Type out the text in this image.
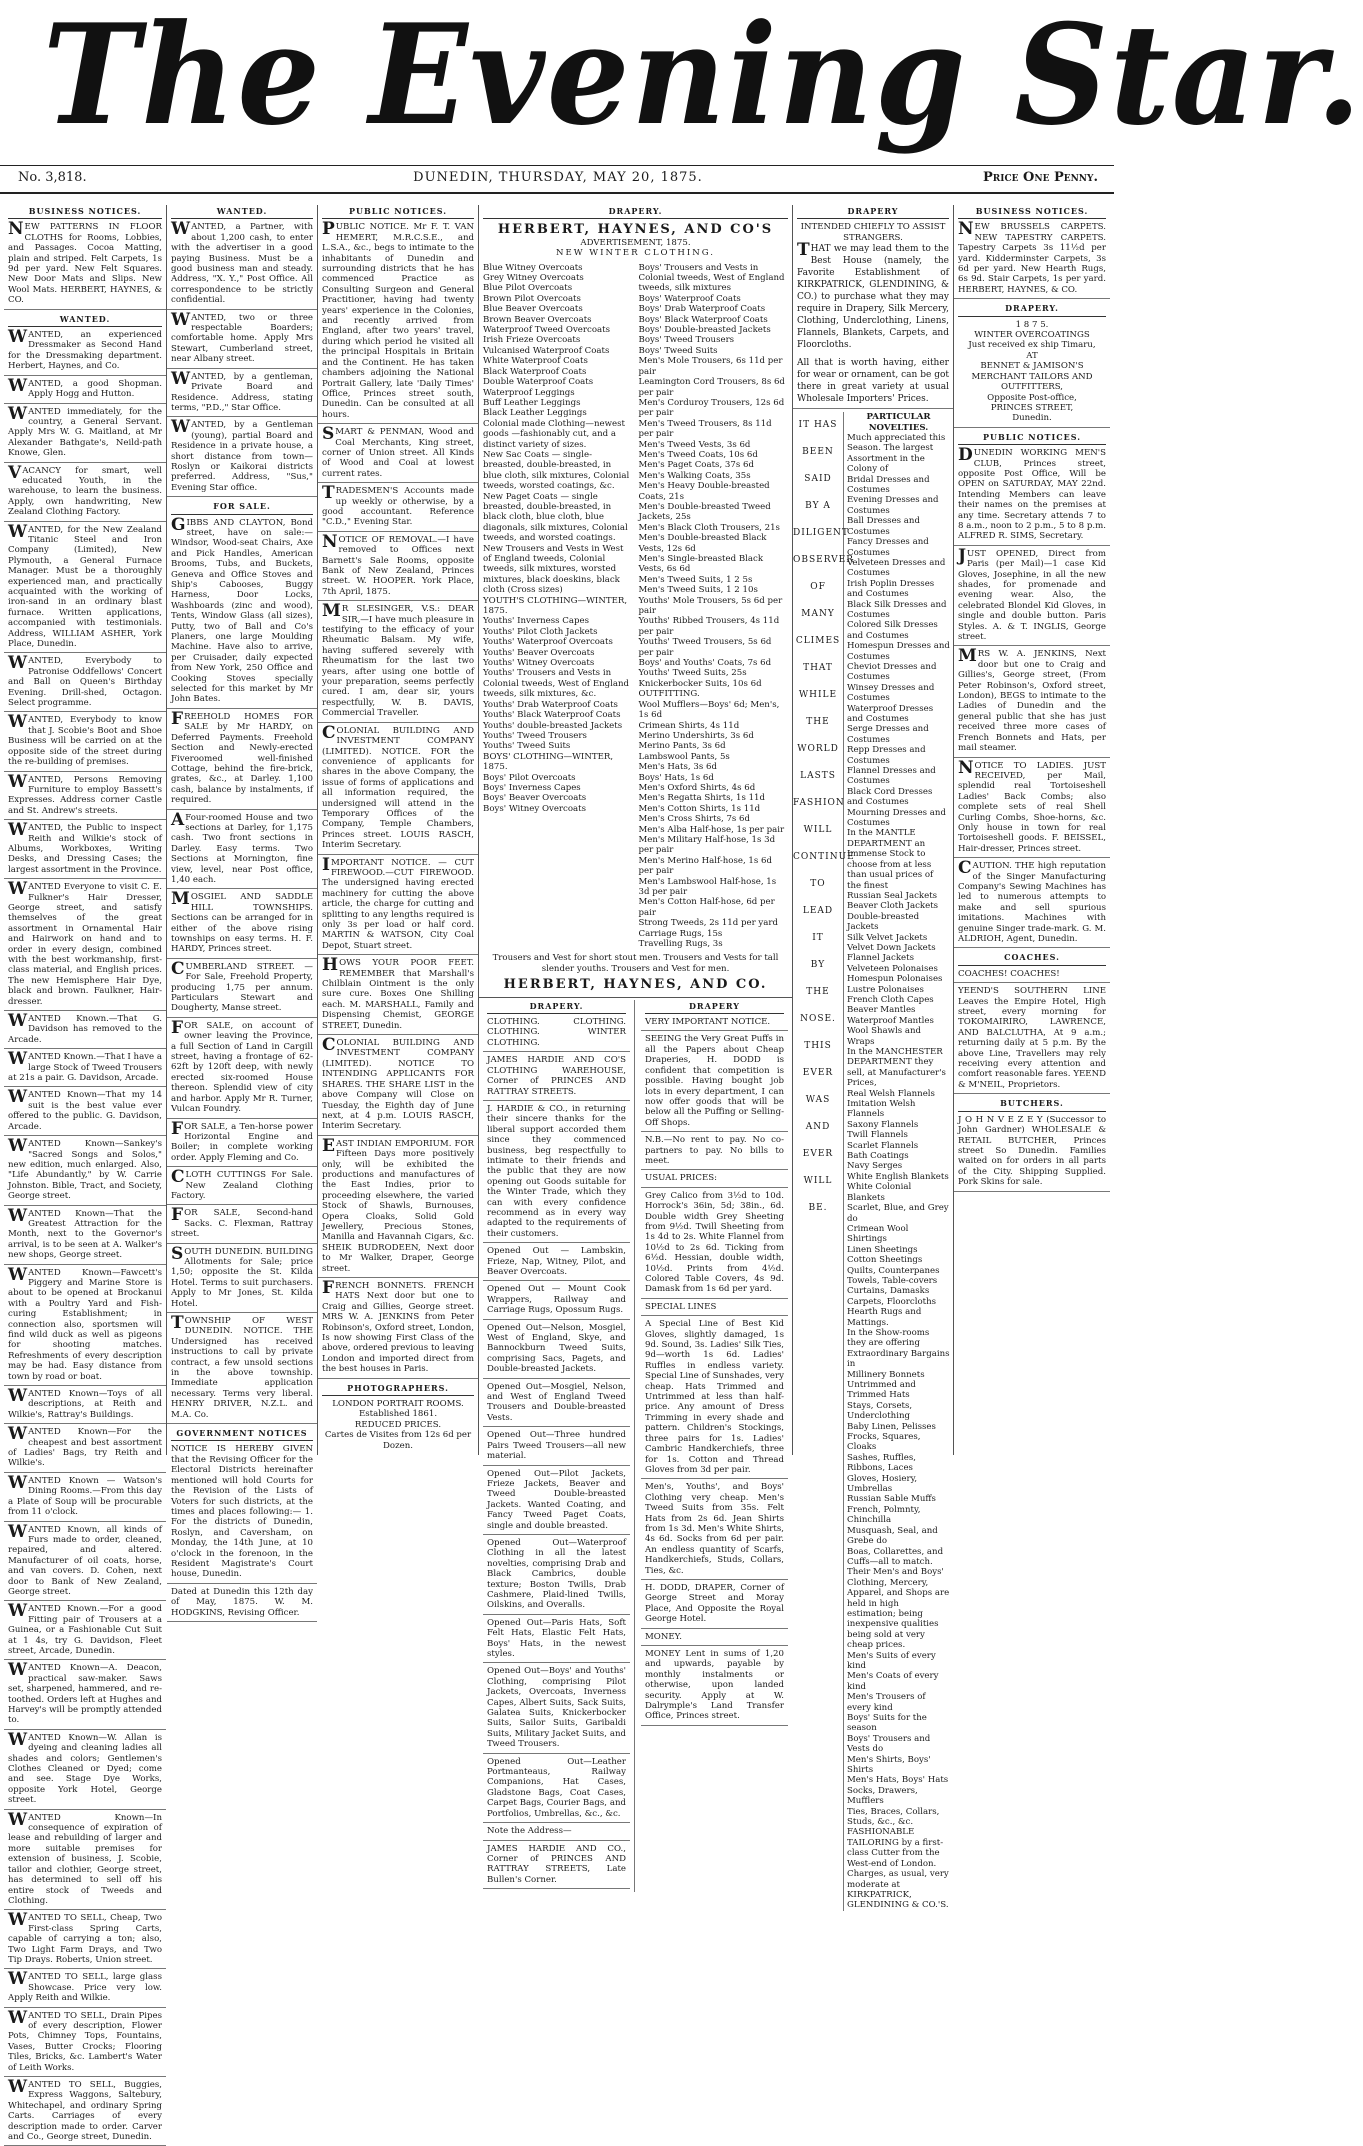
The Evening Star.
No. 3,818.	DUNEDIN, THURSDAY, MAY 20, 1875.	Price One Penny.
BUSINESS NOTICES.
NEW PATTERNS IN FLOOR CLOTHS for Rooms, Lobbies, and Passages. Cocoa Matting, plain and striped. Felt Carpets, 1s 9d per yard. New Felt Squares. New Door Mats and Slips. New Wool Mats. HERBERT, HAYNES, & CO.
WANTED.
WANTED, an experienced Dressmaker as Second Hand for the Dressmaking department. Herbert, Haynes, and Co.
WANTED, a good Shopman. Apply Hogg and Hutton.
WANTED immediately, for the country, a General Servant. Apply Mrs W. G. Maitland, at Mr Alexander Bathgate's, Neild-path Knowe, Glen.
VACANCY for smart, well educated Youth, in the warehouse, to learn the business. Apply, own handwriting, New Zealand Clothing Factory.
WANTED, for the New Zealand Titanic Steel and Iron Company (Limited), New Plymouth, a General Furnace Manager. Must be a thoroughly experienced man, and practically acquainted with the working of iron-sand in an ordinary blast furnace. Written applications, accompanied with testimonials. Address, WILLIAM ASHER, York Place, Dunedin.
WANTED, Everybody to Patronise Oddfellows' Concert and Ball on Queen's Birthday Evening. Drill-shed, Octagon. Select programme.
WANTED, Everybody to know that J. Scobie's Boot and Shoe Business will be carried on at the opposite side of the street during the re-building of premises.
WANTED, Persons Removing Furniture to employ Bassett's Expresses. Address corner Castle and St. Andrew's streets.
WANTED, the Public to inspect Reith and Wilkie's stock of Albums, Workboxes, Writing Desks, and Dressing Cases; the largest assortment in the Province.
WANTED Everyone to visit C. E. Fulkner's Hair Dresser, George street, and satisfy themselves of the great assortment in Ornamental Hair and Hairwork on hand and to order in every design, combined with the best workmanship, first-class material, and English prices. The new Hemisphere Hair Dye, black and brown. Faulkner, Hair-dresser.
WANTED Known.—That G. Davidson has removed to the Arcade.
WANTED Known.—That I have a large Stock of Tweed Trousers at 21s a pair. G. Davidson, Arcade.
WANTED Known—That my 14 suit is the best value ever offered to the public. G. Davidson, Arcade.
WANTED Known—Sankey's "Sacred Songs and Solos," new edition, much enlarged. Also, "Life Abundantly," by W. Carrie Johnston. Bible, Tract, and Society, George street.
WANTED Known—That the Greatest Attraction for the Month, next to the Governor's arrival, is to be seen at A. Walker's new shops, George street.
WANTED Known—Fawcett's Piggery and Marine Store is about to be opened at Brockanui with a Poultry Yard and Fish-curing Establishment; in connection also, sportsmen will find wild duck as well as pigeons for shooting matches. Refreshments of every description may be had. Easy distance from town by road or boat.
WANTED Known—Toys of all descriptions, at Reith and Wilkie's, Rattray's Buildings.
WANTED Known—For the cheapest and best assortment of Ladies' Bags, try Reith and Wilkie's.
WANTED Known — Watson's Dining Rooms.—From this day a Plate of Soup will be procurable from 11 o'clock.
WANTED Known, all kinds of Furs made to order, cleaned, repaired, and altered. Manufacturer of oil coats, horse, and van covers. D. Cohen, next door to Bank of New Zealand, George street.
WANTED Known.—For a good Fitting pair of Trousers at a Guinea, or a Fashionable Cut Suit at 1 4s, try G. Davidson, Fleet street, Arcade, Dunedin.
WANTED Known—A. Deacon, practical saw-maker. Saws set, sharpened, hammered, and re-toothed. Orders left at Hughes and Harvey's will be promptly attended to.
WANTED Known—W. Allan is dyeing and cleaning ladies all shades and colors; Gentlemen's Clothes Cleaned or Dyed; come and see. Stage Dye Works, opposite York Hotel, George street.
WANTED Known—In consequence of expiration of lease and rebuilding of larger and more suitable premises for extension of business, J. Scobie, tailor and clothier, George street, has determined to sell off his entire stock of Tweeds and Clothing.
WANTED TO SELL, Cheap, Two First-class Spring Carts, capable of carrying a ton; also, Two Light Farm Drays, and Two Tip Drays. Roberts, Union street.
WANTED TO SELL, large glass Showcase. Price very low. Apply Reith and Wilkie.
WANTED TO SELL, Drain Pipes of every description, Flower Pots, Chimney Tops, Fountains, Vases, Butter Crocks; Flooring Tiles, Bricks, &c. Lambert's Water of Leith Works.
WANTED TO SELL, Buggies, Express Waggons, Saltebury, Whitechapel, and ordinary Spring Carts. Carriages of every description made to order. Carver and Co., George street, Dunedin.
WANTED.
WANTED, a Partner, with about 1,200 cash, to enter with the advertiser in a good paying Business. Must be a good business man and steady. Address, "X. Y.," Post Office. All correspondence to be strictly confidential.
WANTED, two or three respectable Boarders; comfortable home. Apply Mrs Stewart, Cumberland street, near Albany street.
WANTED, by a gentleman, Private Board and Residence. Address, stating terms, "P.D.," Star Office.
WANTED, by a Gentleman (young), partial Board and Residence in a private house, a short distance from town—Roslyn or Kaikorai districts preferred. Address, "Sus," Evening Star office.
FOR SALE.
GIBBS AND CLAYTON, Bond street, have on sale:—Windsor, Wood-seat Chairs, Axe and Pick Handles, American Brooms, Tubs, and Buckets, Geneva and Office Stoves and Ship's Cabooses, Buggy Harness, Door Locks, Washboards (zinc and wood), Tents, Window Glass (all sizes), Putty, two of Ball and Co's Planers, one large Moulding Machine. Have also to arrive, per Cruisader, daily expected from New York, 250 Office and Cooking Stoves specially selected for this market by Mr John Bates.
FREEHOLD HOMES FOR SALE by Mr HARDY, on Deferred Payments. Freehold Section and Newly-erected Fiveroomed well-finished Cottage, behind the fire-brick, grates, &c., at Darley. 1,100 cash, balance by instalments, if required.
AFour-roomed House and two sections at Darley, for 1,175 cash. Two front sections in Darley. Easy terms. Two Sections at Mornington, fine view, level, near Post office, 1,40 each.
MOSGIEL AND SADDLE HILL TOWNSHIPS. Sections can be arranged for in either of the above rising townships on easy terms. H. F. HARDY, Princes street.
CUMBERLAND STREET. — For Sale, Freehold Property, producing 1,75 per annum. Particulars Stewart and Dougherty, Manse street.
FOR SALE, on account of owner leaving the Province, a full Section of Land in Cargill street, having a frontage of 62-62ft by 120ft deep, with newly erected six-roomed House thereon. Splendid view of city and harbor. Apply Mr R. Turner, Vulcan Foundry.
FOR SALE, a Ten-horse power Horizontal Engine and Boiler; in complete working order. Apply Fleming and Co.
CLOTH CUTTINGS For Sale. New Zealand Clothing Factory.
FOR SALE, Second-hand Sacks. C. Flexman, Rattray street.
SOUTH DUNEDIN. BUILDING Allotments for Sale; price 1,50; opposite the St. Kilda Hotel. Terms to suit purchasers. Apply to Mr Jones, St. Kilda Hotel.
TOWNSHIP OF WEST DUNEDIN. NOTICE. THE Undersigned has received instructions to call by private contract, a few unsold sections in the above township. Immediate application necessary. Terms very liberal. HENRY DRIVER, N.Z.L. and M.A. Co.
GOVERNMENT NOTICES
NOTICE IS HEREBY GIVEN that the Revising Officer for the Electoral Districts hereinafter mentioned will hold Courts for the Revision of the Lists of Voters for such districts, at the times and places following:— 1. For the districts of Dunedin, Roslyn, and Caversham, on Monday, the 14th June, at 10 o'clock in the forenoon, in the Resident Magistrate's Court house, Dunedin.
Dated at Dunedin this 12th day of May, 1875. W. M. HODGKINS, Revising Officer.
PUBLIC NOTICES.
PUBLIC NOTICE. Mr F. T. VAN HEMERT, M.R.C.S.E., and L.S.A., &c., begs to intimate to the inhabitants of Dunedin and surrounding districts that he has commenced Practice as Consulting Surgeon and General Practitioner, having had twenty years' experience in the Colonies, and recently arrived from England, after two years' travel, during which period he visited all the principal Hospitals in Britain and the Continent. He has taken chambers adjoining the National Portrait Gallery, late 'Daily Times' Office, Princes street south, Dunedin. Can be consulted at all hours.
SMART & PENMAN, Wood and Coal Merchants, King street, corner of Union street. All Kinds of Wood and Coal at lowest current rates.
TRADESMEN'S Accounts made up weekly or otherwise, by a good accountant. Reference "C.D.," Evening Star.
NOTICE OF REMOVAL.—I have removed to Offices next Barnett's Sale Rooms, opposite Bank of New Zealand, Princes street. W. HOOPER. York Place, 7th April, 1875.
MR SLESINGER, V.S.: DEAR SIR,—I have much pleasure in testifying to the efficacy of your Rheumatic Balsam. My wife, having suffered severely with Rheumatism for the last two years, after using one bottle of your preparation, seems perfectly cured. I am, dear sir, yours respectfully, W. B. DAVIS, Commercial Traveller.
COLONIAL BUILDING AND INVESTMENT COMPANY (LIMITED). NOTICE. FOR the convenience of applicants for shares in the above Company, the issue of forms of applications and all information required, the undersigned will attend in the Temporary Offices of the Company, Temple Chambers, Princes street. LOUIS RASCH, Interim Secretary.
IMPORTANT NOTICE. — CUT FIREWOOD.—CUT FIREWOOD. The undersigned having erected machinery for cutting the above article, the charge for cutting and splitting to any lengths required is only 3s per load or half cord. MARTIN & WATSON, City Coal Depot, Stuart street.
HOWS YOUR POOR FEET. REMEMBER that Marshall's Chilblain Ointment is the only sure cure. Boxes One Shilling each. M. MARSHALL, Family and Dispensing Chemist, GEORGE STREET, Dunedin.
COLONIAL BUILDING AND INVESTMENT COMPANY (LIMITED). NOTICE TO INTENDING APPLICANTS FOR SHARES. THE SHARE LIST in the above Company will Close on Tuesday, the Eighth day of June next, at 4 p.m. LOUIS RASCH, Interim Secretary.
EAST INDIAN EMPORIUM. FOR Fifteen Days more positively only, will be exhibited the productions and manufactures of the East Indies, prior to proceeding elsewhere, the varied Stock of Shawls, Burnouses, Opera Cloaks, Solid Gold Jewellery, Precious Stones, Manilla and Havannah Cigars, &c. SHEIK BUDRODEEN, Next door to Mr Walker, Draper, George street.
FRENCH BONNETS. FRENCH HATS Next door but one to Craig and Gillies, George street. MRS W. A. JENKINS from Peter Robinson's, Oxford street, London, Is now showing First Class of the above, ordered previous to leaving London and imported direct from the best houses in Paris.
PHOTOGRAPHERS.
LONDON PORTRAIT ROOMS.
Established 1861.
REDUCED PRICES.
Cartes de Visites from 12s 6d per Dozen.
DRAPERY.
HERBERT, HAYNES, AND CO'S
ADVERTISEMENT, 1875.
NEW WINTER CLOTHING.
Blue Witney Overcoats
Grey Witney Overcoats
Blue Pilot Overcoats
Brown Pilot Overcoats
Blue Beaver Overcoats
Brown Beaver Overcoats
Waterproof Tweed Overcoats
Irish Frieze Overcoats
Vulcanised Waterproof Coats
White Waterproof Coats
Black Waterproof Coats
Double Waterproof Coats
Waterproof Leggings
Buff Leather Leggings
Black Leather Leggings
Colonial made Clothing—newest goods —fashionably cut, and a distinct variety of sizes.
New Sac Coats — single-breasted, double-breasted, in blue cloth, silk mixtures, Colonial tweeds, worsted coatings, &c.
New Paget Coats — single breasted, double-breasted, in black cloth, blue cloth, blue diagonals, silk mixtures, Colonial tweeds, and worsted coatings.
New Trousers and Vests in West of England tweeds, Colonial tweeds, silk mixtures, worsted mixtures, black doeskins, black cloth (Cross sizes)
YOUTH'S CLOTHING—WINTER, 1875.
Youths' Inverness Capes
Youths' Pilot Cloth Jackets
Youths' Waterproof Overcoats
Youths' Beaver Overcoats
Youths' Witney Overcoats
Youths' Trousers and Vests in Colonial tweeds, West of England tweeds, silk mixtures, &c.
Youths' Drab Waterproof Coats
Youths' Black Waterproof Coats
Youths' double-breasted Jackets
Youths' Tweed Trousers
Youths' Tweed Suits
BOYS' CLOTHING—WINTER, 1875.
Boys' Pilot Overcoats
Boys' Inverness Capes
Boys' Beaver Overcoats
Boys' Witney Overcoats
Boys' Trousers and Vests in Colonial tweeds, West of England tweeds, silk mixtures
Boys' Waterproof Coats
Boys' Drab Waterproof Coats
Boys' Black Waterproof Coats
Boys' Double-breasted Jackets
Boys' Tweed Trousers
Boys' Tweed Suits
Men's Mole Trousers, 6s 11d per pair
Leamington Cord Trousers, 8s 6d per pair
Men's Corduroy Trousers, 12s 6d per pair
Men's Tweed Trousers, 8s 11d per pair
Men's Tweed Vests, 3s 6d
Men's Tweed Coats, 10s 6d
Men's Paget Coats, 37s 6d
Men's Walking Coats, 35s
Men's Heavy Double-breasted Coats, 21s
Men's Double-breasted Tweed Jackets, 25s
Men's Black Cloth Trousers, 21s
Men's Double-breasted Black Vests, 12s 6d
Men's Single-breasted Black Vests, 6s 6d
Men's Tweed Suits, 1 2 5s
Men's Tweed Suits, 1 2 10s
Youths' Mole Trousers, 5s 6d per pair
Youths' Ribbed Trousers, 4s 11d per pair
Youths' Tweed Trousers, 5s 6d per pair
Boys' and Youths' Coats, 7s 6d
Youths' Tweed Suits, 25s
Knickerbocker Suits, 10s 6d
OUTFITTING.
Wool Mufflers—Boys' 6d; Men's, 1s 6d
Crimean Shirts, 4s 11d
Merino Undershirts, 3s 6d
Merino Pants, 3s 6d
Lambswool Pants, 5s
Men's Hats, 3s 6d
Boys' Hats, 1s 6d
Men's Oxford Shirts, 4s 6d
Men's Regatta Shirts, 1s 11d
Men's Cotton Shirts, 1s 11d
Men's Cross Shirts, 7s 6d
Men's Alba Half-hose, 1s per pair
Men's Military Half-hose, 1s 3d per pair
Men's Merino Half-hose, 1s 6d per pair
Men's Lambswool Half-hose, 1s 3d per pair
Men's Cotton Half-hose, 6d per pair
Strong Tweeds, 2s 11d per yard
Carriage Rugs, 15s
Travelling Rugs, 3s
Trousers and Vest for short stout men. Trousers and Vests for tall slender youths. Trousers and Vest for men.
HERBERT, HAYNES, AND CO.
DRAPERY.
CLOTHING. CLOTHING. CLOTHING. WINTER CLOTHING.
JAMES HARDIE AND CO'S CLOTHING WAREHOUSE, Corner of PRINCES AND RATTRAY STREETS.
J. HARDIE & CO., in returning their sincere thanks for the liberal support accorded them since they commenced business, beg respectfully to intimate to their friends and the public that they are now opening out Goods suitable for the Winter Trade, which they can with every confidence recommend as in every way adapted to the requirements of their customers.
Opened Out — Lambskin, Frieze, Nap, Witney, Pilot, and Beaver Overcoats.
Opened Out — Mount Cook Wrappers, Railway and Carriage Rugs, Opossum Rugs.
Opened Out—Nelson, Mosgiel, West of England, Skye, and Bannockburn Tweed Suits, comprising Sacs, Pagets, and Double-breasted Jackets.
Opened Out—Mosgiel, Nelson, and West of England Tweed Trousers and Double-breasted Vests.
Opened Out—Three hundred Pairs Tweed Trousers—all new material.
Opened Out—Pilot Jackets, Frieze Jackets, Beaver and Tweed Double-breasted Jackets. Wanted Coating, and Fancy Tweed Paget Coats, single and double breasted.
Opened Out—Waterproof Clothing in all the latest novelties, comprising Drab and Black Cambrics, double texture; Boston Twills, Drab Cashmere, Plaid-lined Twills, Oilskins, and Overalls.
Opened Out—Paris Hats, Soft Felt Hats, Elastic Felt Hats, Boys' Hats, in the newest styles.
Opened Out—Boys' and Youths' Clothing, comprising Pilot Jackets, Overcoats, Inverness Capes, Albert Suits, Sack Suits, Galatea Suits, Knickerbocker Suits, Sailor Suits, Garibaldi Suits, Military Jacket Suits, and Tweed Trousers.
Opened Out—Leather Portmanteaus, Railway Companions, Hat Cases, Gladstone Bags, Coat Cases, Carpet Bags, Courier Bags, and Portfolios, Umbrellas, &c., &c.
Note the Address—
JAMES HARDIE AND CO., Corner of PRINCES AND RATTRAY STREETS, Late Bullen's Corner.
DRAPERY
VERY IMPORTANT NOTICE.
SEEING the Very Great Puffs in all the Papers about Cheap Draperies, H. DODD is confident that competition is possible. Having bought job lots in every department, I can now offer goods that will be below all the Puffing or Selling-Off Shops.
N.B.—No rent to pay. No co-partners to pay. No bills to meet.
USUAL PRICES:
Grey Calico from 3½d to 10d. Horrock's 36in, 5d; 38in., 6d. Double width Grey Sheeting from 9½d. Twill Sheeting from 1s 4d to 2s. White Flannel from 10½d to 2s 6d. Ticking from 6½d. Hessian, double width, 10½d. Prints from 4½d. Colored Table Covers, 4s 9d. Damask from 1s 6d per yard.
SPECIAL LINES
A Special Line of Best Kid Gloves, slightly damaged, 1s 9d. Sound, 3s. Ladies' Silk Ties, 9d—worth 1s 6d. Ladies' Ruffles in endless variety. Special Line of Sunshades, very cheap. Hats Trimmed and Untrimmed at less than half-price. Any amount of Dress Trimming in every shade and pattern. Children's Stockings, three pairs for 1s. Ladies' Cambric Handkerchiefs, three for 1s. Cotton and Thread Gloves from 3d per pair.
Men's, Youths', and Boys' Clothing very cheap. Men's Tweed Suits from 35s. Felt Hats from 2s 6d. Jean Shirts from 1s 3d. Men's White Shirts, 4s 6d. Socks from 6d per pair. An endless quantity of Scarfs, Handkerchiefs, Studs, Collars, Ties, &c.
H. DODD, DRAPER, Corner of George Street and Moray Place, And Opposite the Royal George Hotel.
MONEY.
MONEY Lent in sums of 1,20 and upwards, payable by monthly instalments or otherwise, upon landed security. Apply at W. Dalrymple's Land Transfer Office, Princes street.
DRAPERY
INTENDED CHIEFLY TO ASSIST STRANGERS.
THAT we may lead them to the Best House (namely, the Favorite Establishment of KIRKPATRICK, GLENDINING, & CO.) to purchase what they may require in Drapery, Silk Mercery, Clothing, Underclothing, Linens, Flannels, Blankets, Carpets, and Floorcloths.
All that is worth having, either for wear or ornament, can be got there in great variety at usual Wholesale Importers' Prices.
IT HAS
BEEN
SAID
BY A
DILIGENT
OBSERVER
OF
MANY
CLIMES
THAT
WHILE
THE
WORLD
LASTS
FASHION
WILL
CONTINUE
TO
LEAD
IT
BY
THE
NOSE.
THIS
EVER
WAS
AND
EVER
WILL
BE.
PARTICULAR NOVELTIES.
Much appreciated this Season. The largest Assortment in the Colony of
Bridal Dresses and Costumes
Evening Dresses and Costumes
Ball Dresses and Costumes
Fancy Dresses and Costumes
Velveteen Dresses and Costumes
Irish Poplin Dresses and Costumes
Black Silk Dresses and Costumes
Colored Silk Dresses and Costumes
Homespun Dresses and Costumes
Cheviot Dresses and Costumes
Winsey Dresses and Costumes
Waterproof Dresses and Costumes
Serge Dresses and Costumes
Repp Dresses and Costumes
Flannel Dresses and Costumes
Black Cord Dresses and Costumes
Mourning Dresses and Costumes
In the MANTLE DEPARTMENT an Immense Stock to choose from at less than usual prices of the finest
Russian Seal Jackets
Beaver Cloth Jackets
Double-breasted Jackets
Silk Velvet Jackets
Velvet Down Jackets
Flannel Jackets
Velveteen Polonaises
Homespun Polonaises
Lustre Polonaises
French Cloth Capes
Beaver Mantles
Waterproof Mantles
Wool Shawls and Wraps
In the MANCHESTER DEPARTMENT they sell, at Manufacturer's Prices,
Real Welsh Flannels
Imitation Welsh Flannels
Saxony Flannels
Twill Flannels
Scarlet Flannels
Bath Coatings
Navy Serges
White English Blankets
White Colonial Blankets
Scarlet, Blue, and Grey do
Crimean Wool Shirtings
Linen Sheetings
Cotton Sheetings
Quilts, Counterpanes
Towels, Table-covers
Curtains, Damasks
Carpets, Floorcloths
Hearth Rugs and Mattings.
In the Show-rooms they are offering Extraordinary Bargains in
Millinery Bonnets
Untrimmed and Trimmed Hats
Stays, Corsets, Underclothing
Baby Linen, Pelisses
Frocks, Squares, Cloaks
Sashes, Ruffles, Ribbons, Laces
Gloves, Hosiery, Umbrellas
Russian Sable Muffs
French, Polmnty, Chinchilla
Musquash, Seal, and Grebe do
Boas, Collarettes, and Cuffs—all to match.
Their Men's and Boys' Clothing, Mercery, Apparel, and Shops are held in high estimation; being inexpensive qualities being sold at very cheap prices.
Men's Suits of every kind
Men's Coats of every kind
Men's Trousers of every kind
Boys' Suits for the season
Boys' Trousers and Vests do
Men's Shirts, Boys' Shirts
Men's Hats, Boys' Hats
Socks, Drawers, Mufflers
Ties, Braces, Collars, Studs, &c., &c.
FASHIONABLE TAILORING by a first-class Cutter from the West-end of London.
Charges, as usual, very moderate at
KIRKPATRICK, GLENDINING & CO.'S.
BUSINESS NOTICES.
NEW BRUSSELS CARPETS. NEW TAPESTRY CARPETS. Tapestry Carpets 3s 11½d per yard. Kidderminster Carpets, 3s 6d per yard. New Hearth Rugs, 6s 9d. Stair Carpets, 1s per yard. HERBERT, HAYNES, & CO.
DRAPERY.
1 8 7 5.
WINTER OVERCOATINGS
Just received ex ship Timaru,
AT
BENNET & JAMISON'S
MERCHANT TAILORS AND OUTFITTERS,
Opposite Post-office,
PRINCES STREET,
Dunedin.
PUBLIC NOTICES.
DUNEDIN WORKING MEN'S CLUB, Princes street, opposite Post Office, Will be OPEN on SATURDAY, MAY 22nd. Intending Members can leave their names on the premises at any time. Secretary attends 7 to 8 a.m., noon to 2 p.m., 5 to 8 p.m. ALFRED R. SIMS, Secretary.
JUST OPENED, Direct from Paris (per Mail)—1 case Kid Gloves, Josephine, in all the new shades, for promenade and evening wear. Also, the celebrated Blondel Kid Gloves, in single and double button. Paris Styles. A. & T. INGLIS, George street.
MRS W. A. JENKINS, Next door but one to Craig and Gillies's, George street, (From Peter Robinson's, Oxford street, London), BEGS to intimate to the Ladies of Dunedin and the general public that she has just received three more cases of French Bonnets and Hats, per mail steamer.
NOTICE TO LADIES. JUST RECEIVED, per Mail, splendid real Tortoiseshell Ladies' Back Combs; also complete sets of real Shell Curling Combs, Shoe-horns, &c. Only house in town for real Tortoiseshell goods. F. BEISSEL, Hair-dresser, Princes street.
CAUTION. THE high reputation of the Singer Manufacturing Company's Sewing Machines has led to numerous attempts to make and sell spurious imitations. Machines with genuine Singer trade-mark. G. M. ALDRIOH, Agent, Dunedin.
COACHES.
COACHES! COACHES!
YEEND'S SOUTHERN LINE Leaves the Empire Hotel, High street, every morning for TOKOMAIRIRO, LAWRENCE, AND BALCLUTHA, At 9 a.m.; returning daily at 5 p.m. By the above Line, Travellers may rely receiving every attention and comfort reasonable fares. YEEND & M'NEIL, Proprietors.
BUTCHERS.
J O H N V E Z E Y (Successor to John Gardner) WHOLESALE & RETAIL BUTCHER, Princes street So Dunedin. Families waited on for orders in all parts of the City. Shipping Supplied. Pork Skins for sale.
